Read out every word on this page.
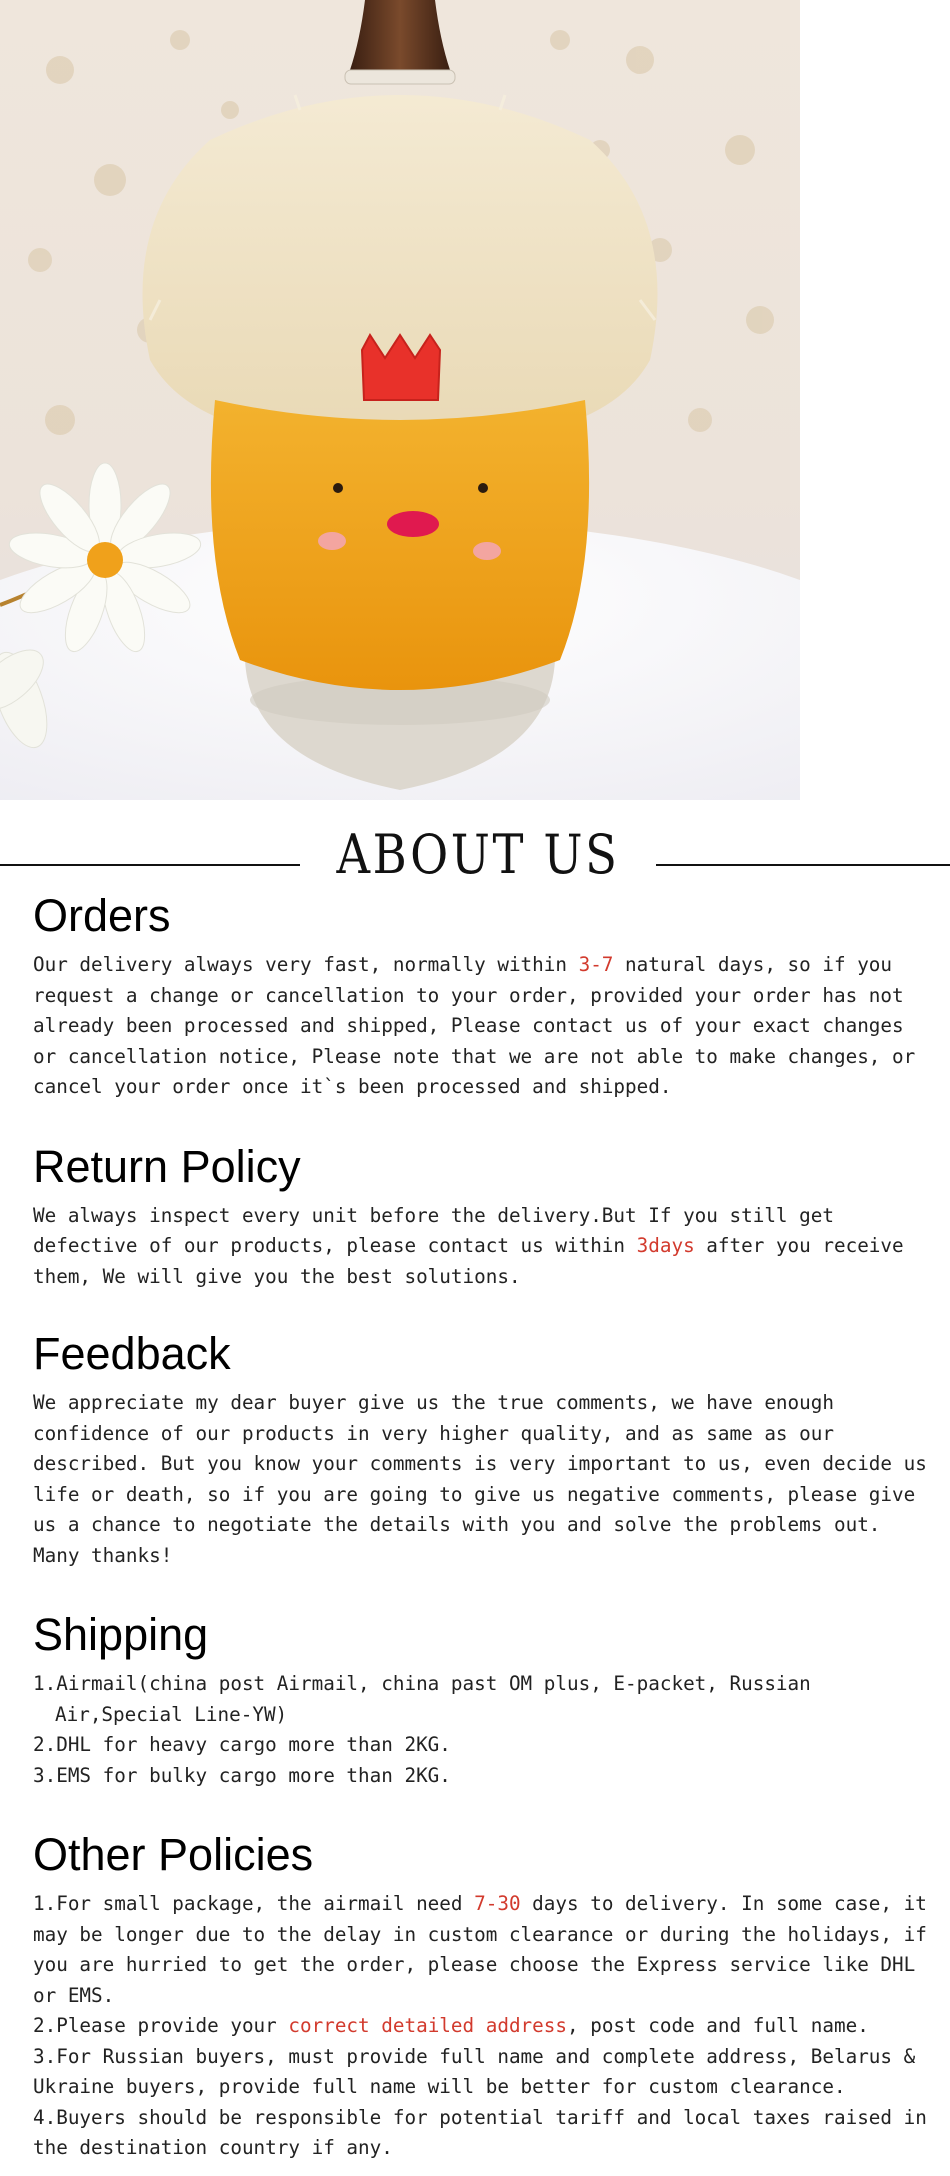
ABOUT US
Orders

Our delivery always very fast, normally within 3-7 natural days, so if you request a change or cancellation to your order, provided your order has not already been processed and shipped, Please contact us of your exact changes or cancellation notice, Please note that we are not able to make changes, or cancel your order once it`s been processed and shipped.

Return Policy

We always inspect every unit before the delivery.But If you still get defective of our products, please contact us within 3days after you receive them, We will give you the best solutions.

Feedback

We appreciate my dear buyer give us the true comments, we have enough confidence of our products in very higher quality, and as same as our described. But you know your comments is very important to us, even decide us life or death, so if you are going to give us negative comments, please give us a chance to negotiate the details with you and solve the problems out. Many thanks!

Shipping
1.Airmail(china post Airmail, china past OM plus, E-packet, Russian Air,Special Line-YW)
2.DHL for heavy cargo more than 2KG.
3.EMS for bulky cargo more than 2KG.
Other Policies

1.For small package, the airmail need 7-30 days to delivery. In some case, it may be longer due to the delay in custom clearance or during the holidays, if you are hurried to get the order, please choose the Express service like DHL or EMS.

2.Please provide your correct detailed address, post code and full name.

3.For Russian buyers, must provide full name and complete address, Belarus & Ukraine buyers, provide full name will be better for custom clearance.

4.Buyers should be responsible for potential tariff and local taxes raised in the destination country if any.
